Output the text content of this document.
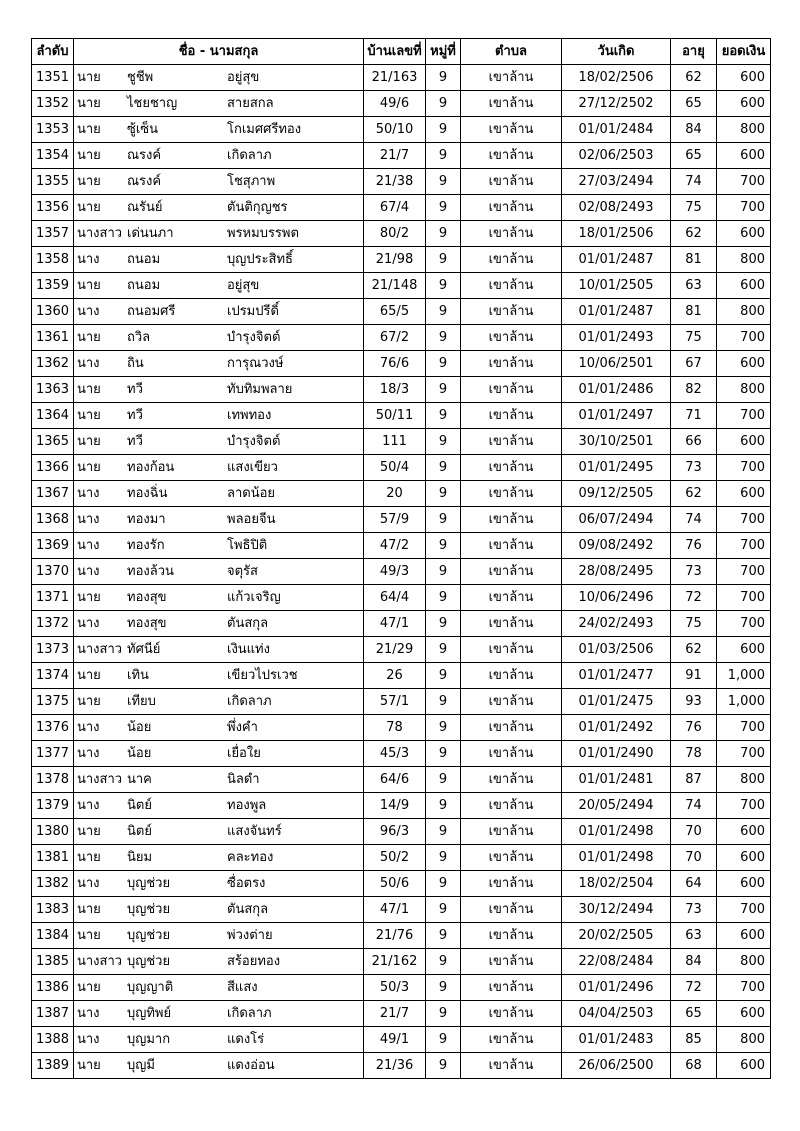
ลำดับ	ชื่อ - นามสกุล	บ้านเลขที่	หมู่ที่	ตำบล	วันเกิด	อายุ	ยอดเงิน
1351	นาย ชูชีพ อยู่สุข	21/163	9	เขาล้าน	18/02/2506	62	600
1352	นาย ไชยชาญ สายสกล	49/6	9	เขาล้าน	27/12/2502	65	600
1353	นาย ซู้เซ็น โกเมศศรีทอง	50/10	9	เขาล้าน	01/01/2484	84	800
1354	นาย ณรงค์ เกิดลาภ	21/7	9	เขาล้าน	02/06/2503	65	600
1355	นาย ณรงค์ โชสุภาพ	21/38	9	เขาล้าน	27/03/2494	74	700
1356	นาย ณรันย์ ตันติกุญชร	67/4	9	เขาล้าน	02/08/2493	75	700
1357	นางสาว เด่นนภา พรหมบรรพต	80/2	9	เขาล้าน	18/01/2506	62	600
1358	นาง ถนอม บุญประสิทธิ์	21/98	9	เขาล้าน	01/01/2487	81	800
1359	นาย ถนอม อยู่สุข	21/148	9	เขาล้าน	10/01/2505	63	600
1360	นาง ถนอมศรี เปรมปรีดิ์	65/5	9	เขาล้าน	01/01/2487	81	800
1361	นาย ถวิล บำรุงจิตต์	67/2	9	เขาล้าน	01/01/2493	75	700
1362	นาง ถิน การุณวงษ์	76/6	9	เขาล้าน	10/06/2501	67	600
1363	นาย ทวี ทับทิมพลาย	18/3	9	เขาล้าน	01/01/2486	82	800
1364	นาย ทวี เทพทอง	50/11	9	เขาล้าน	01/01/2497	71	700
1365	นาย ทวี บำรุงจิตต์	111	9	เขาล้าน	30/10/2501	66	600
1366	นาย ทองก้อน แสงเขียว	50/4	9	เขาล้าน	01/01/2495	73	700
1367	นาง ทองฉิ่น ลาดน้อย	20	9	เขาล้าน	09/12/2505	62	600
1368	นาง ทองมา พลอยจีน	57/9	9	เขาล้าน	06/07/2494	74	700
1369	นาง ทองรัก โพธิปิติ	47/2	9	เขาล้าน	09/08/2492	76	700
1370	นาง ทองล้วน จตุรัส	49/3	9	เขาล้าน	28/08/2495	73	700
1371	นาย ทองสุข แก้วเจริญ	64/4	9	เขาล้าน	10/06/2496	72	700
1372	นาง ทองสุข ตันสกุล	47/1	9	เขาล้าน	24/02/2493	75	700
1373	นางสาว ทัศนีย์ เงินแท่ง	21/29	9	เขาล้าน	01/03/2506	62	600
1374	นาย เทิน เขียวไปรเวช	26	9	เขาล้าน	01/01/2477	91	1,000
1375	นาย เทียบ เกิดลาภ	57/1	9	เขาล้าน	01/01/2475	93	1,000
1376	นาง น้อย พึ่งคำ	78	9	เขาล้าน	01/01/2492	76	700
1377	นาง น้อย เยื่อใย	45/3	9	เขาล้าน	01/01/2490	78	700
1378	นางสาว นาค นิลดำ	64/6	9	เขาล้าน	01/01/2481	87	800
1379	นาง นิตย์ ทองพูล	14/9	9	เขาล้าน	20/05/2494	74	700
1380	นาย นิตย์ แสงจันทร์	96/3	9	เขาล้าน	01/01/2498	70	600
1381	นาย นิยม คละทอง	50/2	9	เขาล้าน	01/01/2498	70	600
1382	นาง บุญช่วย ซื่อตรง	50/6	9	เขาล้าน	18/02/2504	64	600
1383	นาย บุญช่วย ตันสกุล	47/1	9	เขาล้าน	30/12/2494	73	700
1384	นาย บุญช่วย พ่วงต่าย	21/76	9	เขาล้าน	20/02/2505	63	600
1385	นางสาว บุญช่วย สร้อยทอง	21/162	9	เขาล้าน	22/08/2484	84	800
1386	นาย บุญญาติ สีแสง	50/3	9	เขาล้าน	01/01/2496	72	700
1387	นาง บุญทิพย์ เกิดลาภ	21/7	9	เขาล้าน	04/04/2503	65	600
1388	นาง บุญมาก แดงโร่	49/1	9	เขาล้าน	01/01/2483	85	800
1389	นาย บุญมี แดงอ่อน	21/36	9	เขาล้าน	26/06/2500	68	600
